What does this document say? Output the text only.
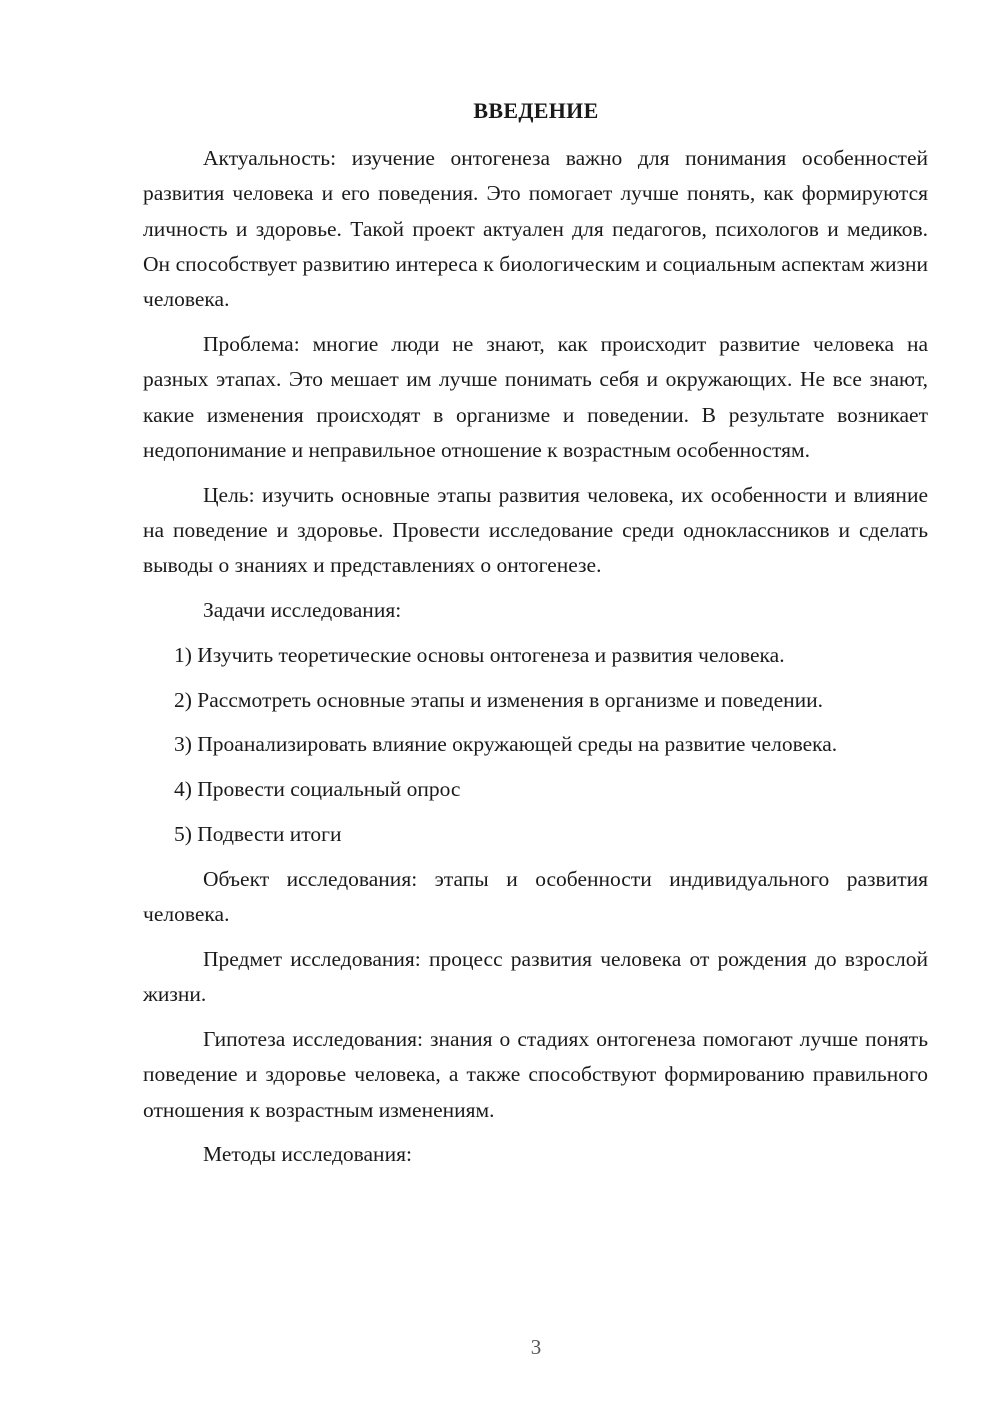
ВВЕДЕНИЕ

Актуальность: изучение онтогенеза важно для понимания особенностей развития человека и его поведения. Это помогает лучше понять, как формируются личность и здоровье. Такой проект актуален для педагогов, психологов и медиков. Он способствует развитию интереса к биологическим и социальным аспектам жизни человека.

Проблема: многие люди не знают, как происходит развитие человека на разных этапах. Это мешает им лучше понимать себя и окружающих. Не все знают, какие изменения происходят в организме и поведении. В результате возникает недопонимание и неправильное отношение к возрастным особенностям.

Цель: изучить основные этапы развития человека, их особенности и влияние на поведение и здоровье. Провести исследование среди одноклассников и сделать выводы о знаниях и представлениях о онтогенезе.

Задачи исследования:

1) Изучить теоретические основы онтогенеза и развития человека.

2) Рассмотреть основные этапы и изменения в организме и поведении.

3) Проанализировать влияние окружающей среды на развитие человека.

4) Провести социальный опрос

5) Подвести итоги

Объект исследования: этапы и особенности индивидуального развития человека.

Предмет исследования: процесс развития человека от рождения до взрослой жизни.

Гипотеза исследования: знания о стадиях онтогенеза помогают лучше понять поведение и здоровье человека, а также способствуют формированию правильного отношения к возрастным изменениям.

Методы исследования:

3
